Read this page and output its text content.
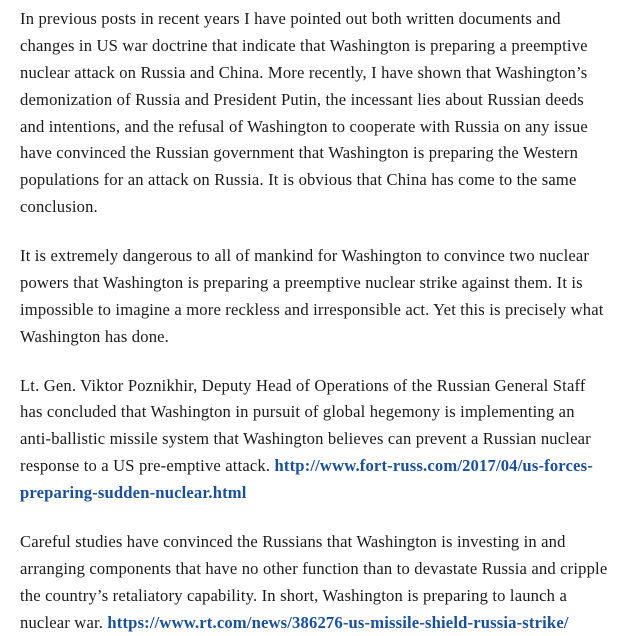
In previous posts in recent years I have pointed out both written documents and changes in US war doctrine that indicate that Washington is preparing a preemptive nuclear attack on Russia and China. More recently, I have shown that Washington’s demonization of Russia and President Putin, the incessant lies about Russian deeds and intentions, and the refusal of Washington to cooperate with Russia on any issue have convinced the Russian government that Washington is preparing the Western populations for an attack on Russia. It is obvious that China has come to the same conclusion.

It is extremely dangerous to all of mankind for Washington to convince two nuclear powers that Washington is preparing a preemptive nuclear strike against them. It is impossible to imagine a more reckless and irresponsible act. Yet this is precisely what Washington has done.

Lt. Gen. Viktor Poznikhir, Deputy Head of Operations of the Russian General Staff has concluded that Washington in pursuit of global hegemony is implementing an anti-ballistic missile system that Washington believes can prevent a Russian nuclear response to a US pre-emptive attack. http://www.fort-russ.com/2017/04/us-forces-preparing-sudden-nuclear.html

Careful studies have convinced the Russians that Washington is investing in and arranging components that have no other function than to devastate Russia and cripple the country’s retaliatory capability. In short, Washington is preparing to launch a nuclear war. https://www.rt.com/news/386276-us-missile-shield-russia-strike/
